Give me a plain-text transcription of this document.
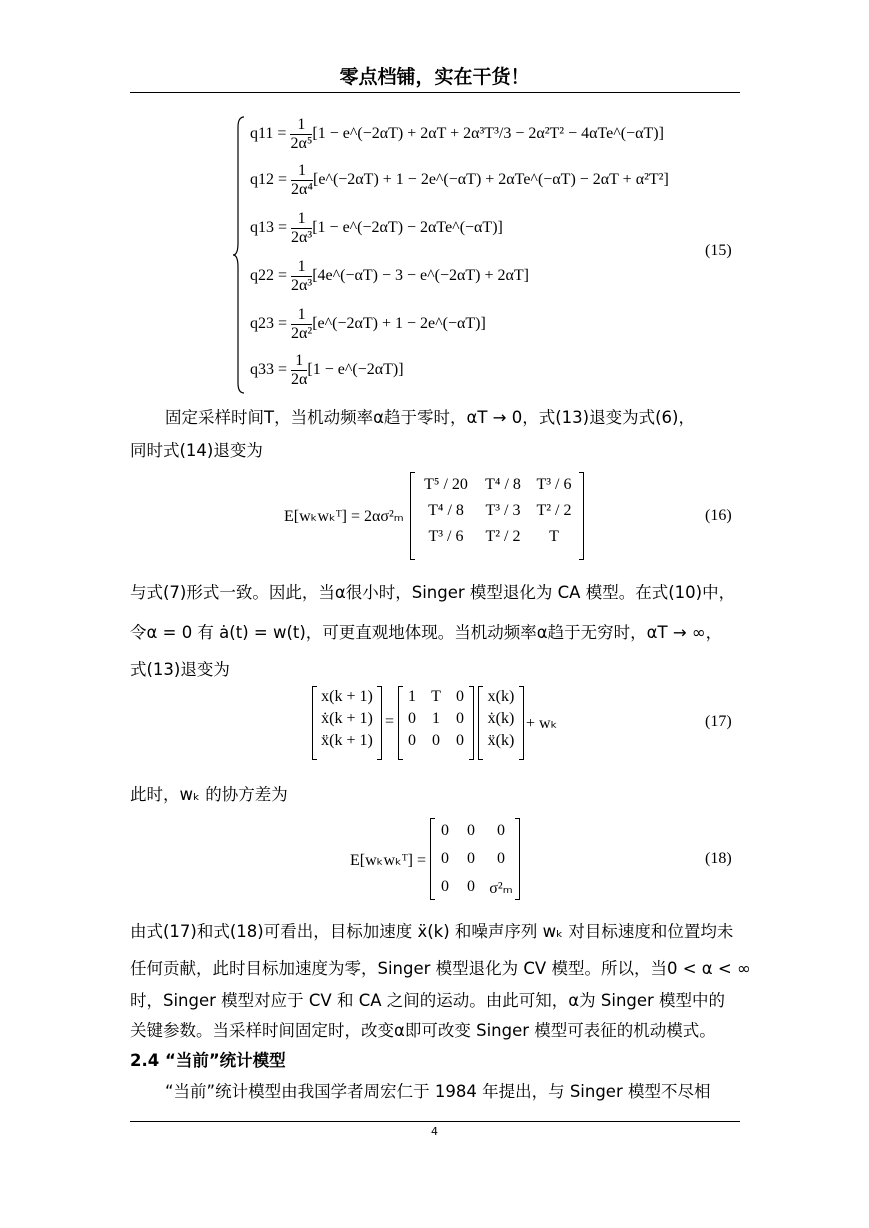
零点档铺，实在干货！
q11 =
$\frac{1}{\text{2α⁵}} [1$ − e^(−2αT) + 2αT + 2α³T³/3 − 2α²T² − 4αTe^(−αT)]
q12 =
$\frac{1}{\text{2α⁴}}$ [e^(−2αT) + 1 − 2e^(−αT) + 2αTe^(−αT) − 2αT + α²T²]
q13 =
$\frac{1}{\text{2α³}} [1$ − e^(−2αT) − 2αTe^(−αT)]
q22 =
$\frac{1}{\text{2α³}}$ [4e^(−αT) − 3 − e^(−2αT) + 2αT]
q23 =
$\frac{1}{\text{2α²}}$ [e^(−2αT) + 1 − 2e^(−αT)]
q33 =
$\frac{1}{2\alpha} [1$ − e^(−2αT)]
(15)
固定采样时间T，当机动频率α趋于零时，αT → 0，式(13)退变为式(6)，
同时式(14)退变为
E[wₖwₖᵀ] = 2ασ²ₘ
T⁵ / 20	T⁴ / 8 T³ / 6
T⁴ / 8	T³ / 3 T² / 2
T³ / 6	T² / 2	T
(16)
与式(7)形式一致。因此，当α很小时，Singer 模型退化为 CA 模型。在式(10)中，
令α = 0 有 ȧ(t) = w(t)，可更直观地体现。当机动频率α趋于无穷时，αT → ∞，
式(13)退变为
x(k + 1)
ẋ(k + 1)
ẍ(k + 1)
=
1 T 0
0	1	0
0	0	0
x(k)
ẋ(k)
ẍ(k)
+ wₖ	(17)
此时，wₖ 的协方差为
E[wₖwₖᵀ] =
0	0	0
0	0	0
0	0 σ²ₘ
(18)
由式(17)和式(18)可看出，目标加速度 ẍ(k) 和噪声序列 wₖ 对目标速度和位置均未
任何贡献，此时目标加速度为零，Singer 模型退化为 CV 模型。所以，当0 < α < ∞
时，Singer 模型对应于 CV 和 CA 之间的运动。由此可知，α为 Singer 模型中的
关键参数。当采样时间固定时，改变α即可改变 Singer 模型可表征的机动模式。
2.4 “当前”统计模型
“当前”统计模型由我国学者周宏仁于 1984 年提出，与 Singer 模型不尽相
4
